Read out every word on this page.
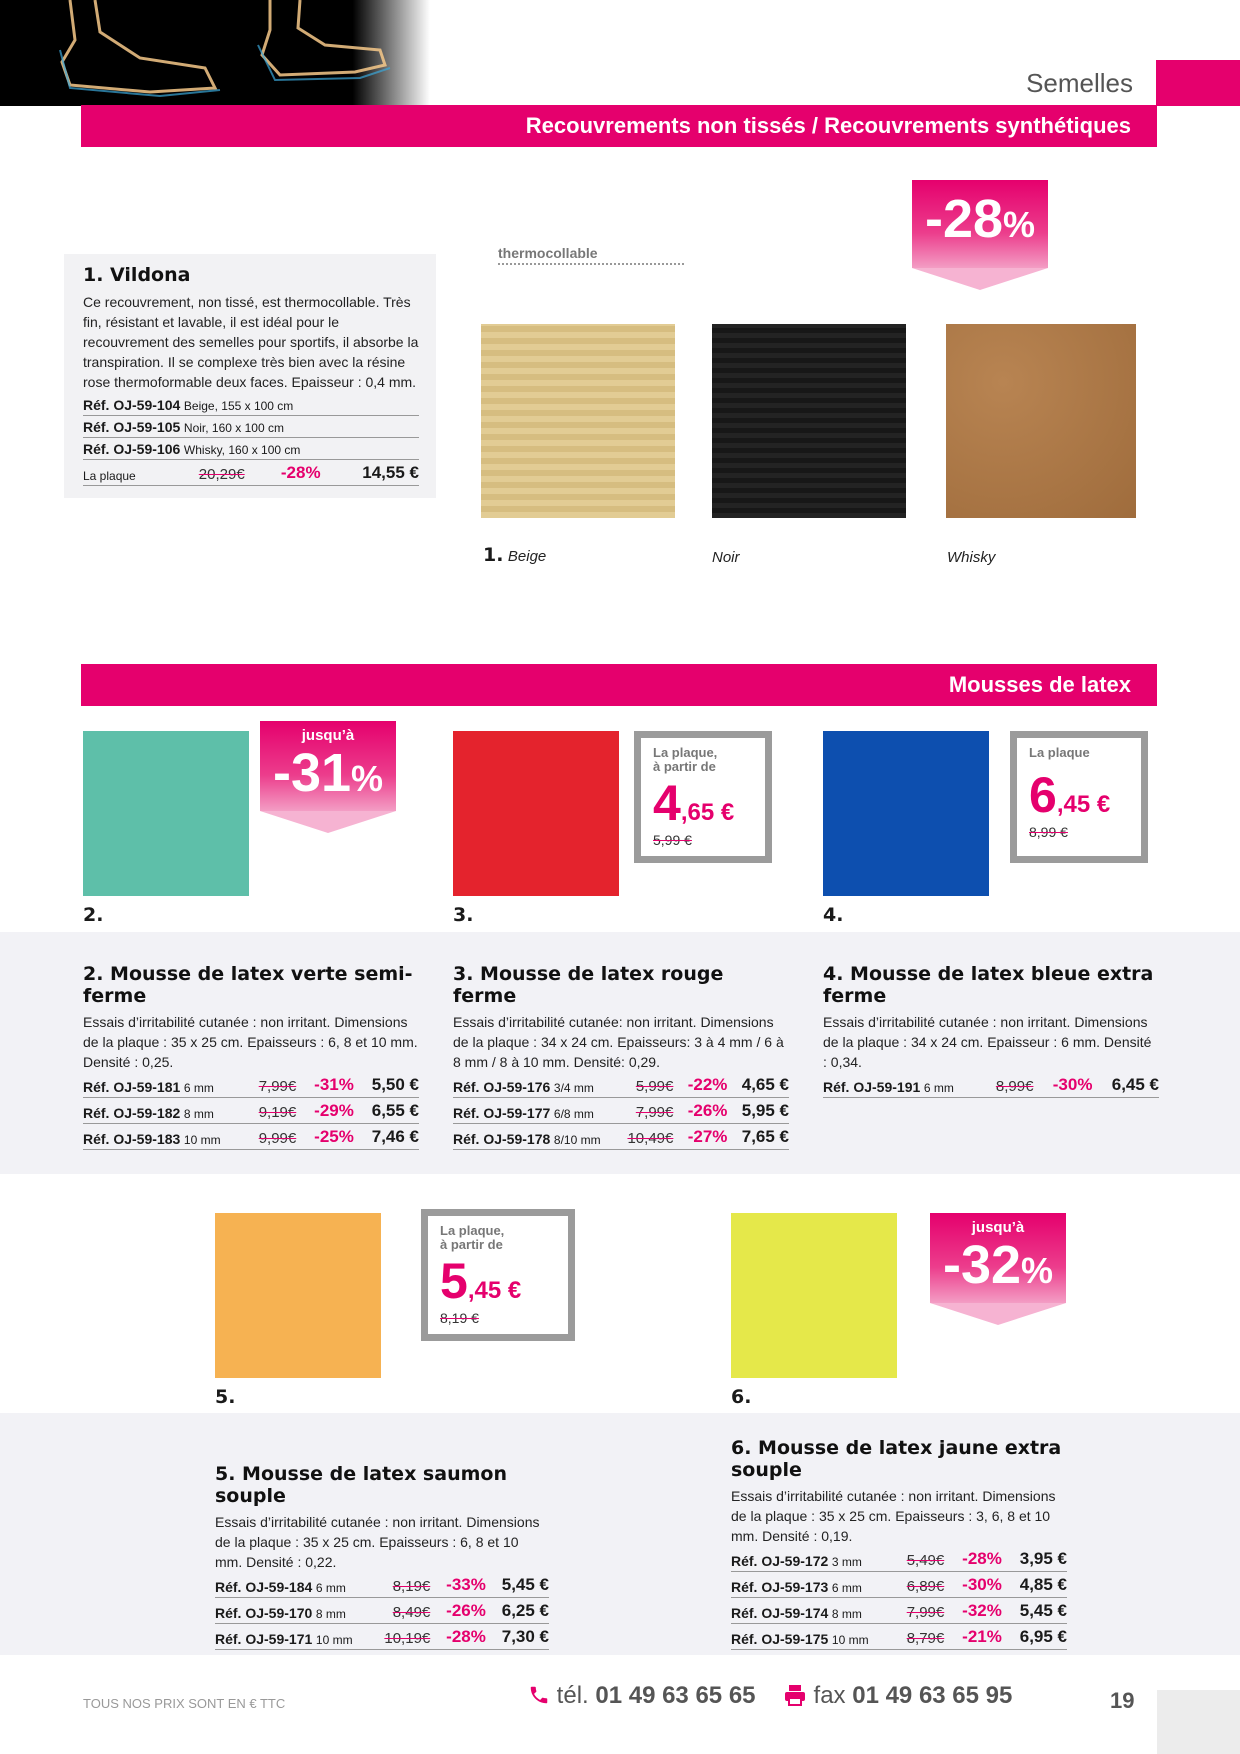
Semelles
Recouvrements non tissés / Recouvrements synthétiques
1. Vildona
Ce recouvrement, non tissé, est thermocollable. Très fin, résistant et lavable, il est idéal pour le recouvrement des semelles pour sportifs, il absorbe la transpiration. Il se complexe très bien avec la résine rose thermoformable deux faces. Epaisseur : 0,4 mm.
Réf. OJ-59-104 Beige, 155 x 100 cm
Réf. OJ-59-105 Noir, 160 x 100 cm
Réf. OJ-59-106 Whisky, 160 x 100 cm
La plaque	20,29€	-28%	14,55 €
thermocollable
-28%
1. Beige	Noir	Whisky
Mousses de latex
jusqu’à
-31%
2.
La plaque,
à partir de
4,65 €
5,99 €
3.
La plaque
6,45 €
8,99 €
4.
2. Mousse de latex verte semi-ferme
Essais d’irritabilité cutanée : non irritant. Dimensions de la plaque : 35 x 25 cm. Epaisseurs : 6, 8 et 10 mm. Densité : 0,25.
Réf. OJ-59-181 6 mm	7,99€	-31%	5,50 €
Réf. OJ-59-182 8 mm	9,19€	-29%	6,55 €
Réf. OJ-59-183 10 mm	9,99€	-25%	7,46 €
3. Mousse de latex rouge ferme
Essais d’irritabilité cutanée: non irritant. Dimensions de la plaque : 34 x 24 cm. Epaisseurs: 3 à 4 mm / 6 à 8 mm / 8 à 10 mm. Densité: 0,29.
Réf. OJ-59-176 3/4 mm	5,99€	-22%	4,65 €
Réf. OJ-59-177 6/8 mm	7,99€	-26%	5,95 €
Réf. OJ-59-178 8/10 mm	10,49€	-27%	7,65 €
4. Mousse de latex bleue extra ferme
Essais d’irritabilité cutanée : non irritant. Dimensions de la plaque : 34 x 24 cm. Epaisseur : 6 mm. Densité : 0,34.
Réf. OJ-59-191 6 mm	8,99€	-30%	6,45 €
La plaque,
à partir de
5,45 €
8,19 €
5.
jusqu’à
-32%
6.
5. Mousse de latex saumon souple
Essais d’irritabilité cutanée : non irritant. Dimensions de la plaque : 35 x 25 cm. Epaisseurs : 6, 8 et 10 mm. Densité : 0,22.
Réf. OJ-59-184 6 mm	8,19€	-33%	5,45 €
Réf. OJ-59-170 8 mm	8,49€	-26%	6,25 €
Réf. OJ-59-171 10 mm	10,19€	-28%	7,30 €
6. Mousse de latex jaune extra souple
Essais d’irritabilité cutanée : non irritant. Dimensions de la plaque : 35 x 25 cm. Epaisseurs : 3, 6, 8 et 10 mm. Densité : 0,19.
Réf. OJ-59-172 3 mm	5,49€	-28%	3,95 €
Réf. OJ-59-173 6 mm	6,89€	-30%	4,85 €
Réf. OJ-59-174 8 mm	7,99€	-32%	5,45 €
Réf. OJ-59-175 10 mm	8,79€	-21%	6,95 €
TOUS NOS PRIX SONT EN € TTC	tél. 01 49 63 65 65 fax 01 49 63 65 95	19
